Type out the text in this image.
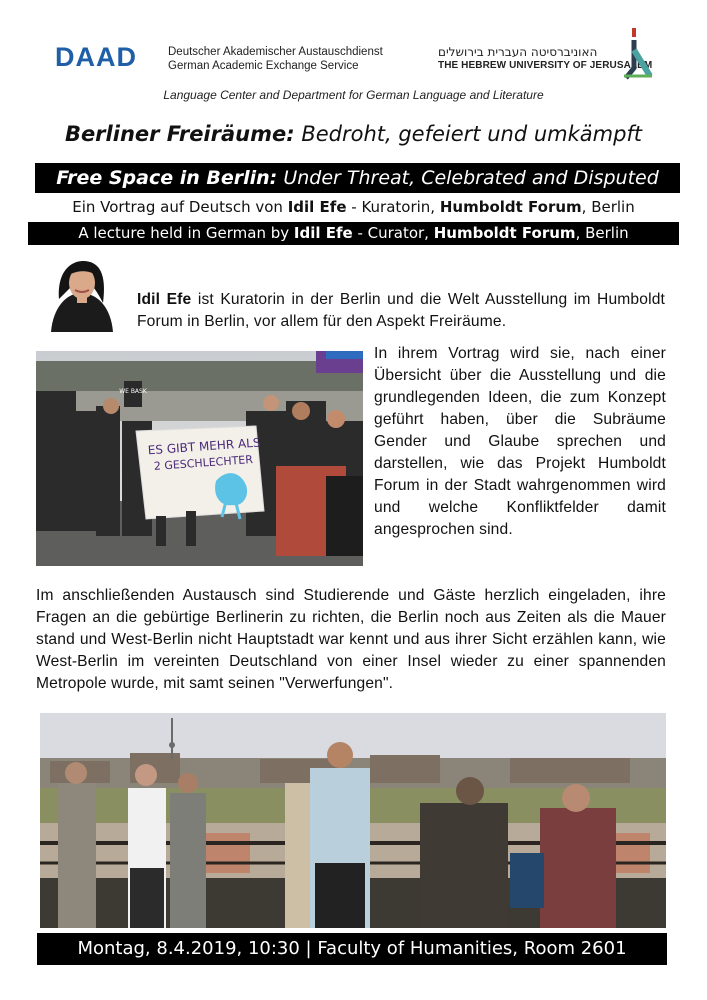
DAAD	Deutscher Akademischer Austauschdienst
German Academic Exchange Service
האוניברסיטה העברית בירושלים
THE HEBREW UNIVERSITY OF JERUSALEM
Language Center and Department for German Language and Literature
Berliner Freiräume: Bedroht, gefeiert und umkämpft
Free Space in Berlin: Under Threat, Celebrated and Disputed
Ein Vortrag auf Deutsch von Idil Efe - Kuratorin, Humboldt Forum, Berlin
A lecture held in German by Idil Efe - Curator, Humboldt Forum, Berlin
Idil Efe ist Kuratorin in der Berlin und die Welt Ausstellung im Humboldt Forum in Berlin, vor allem für den Aspekt Freiräume.
WE BASK
ES GIBT MEHR ALS
2 GESCHLECHTER
In ihrem Vortrag wird sie, nach einer Übersicht über die Ausstellung und die grundlegenden Ideen, die zum Konzept geführt haben, über die Subräume Gender und Glaube sprechen und darstellen, wie das Projekt Humboldt Forum in der Stadt wahrgenommen wird und welche Konfliktfelder damit angesprochen sind.
Im anschließenden Austausch sind Studierende und Gäste herzlich eingeladen, ihre Fragen an die gebürtige Berlinerin zu richten, die Berlin noch aus Zeiten als die Mauer stand und West-Berlin nicht Hauptstadt war kennt und aus ihrer Sicht erzählen kann, wie West-Berlin im vereinten Deutschland von einer Insel wieder zu einer spannenden Metropole wurde, mit samt seinen "Verwerfungen".
Montag, 8.4.2019, 10:30 | Faculty of Humanities, Room 2601
